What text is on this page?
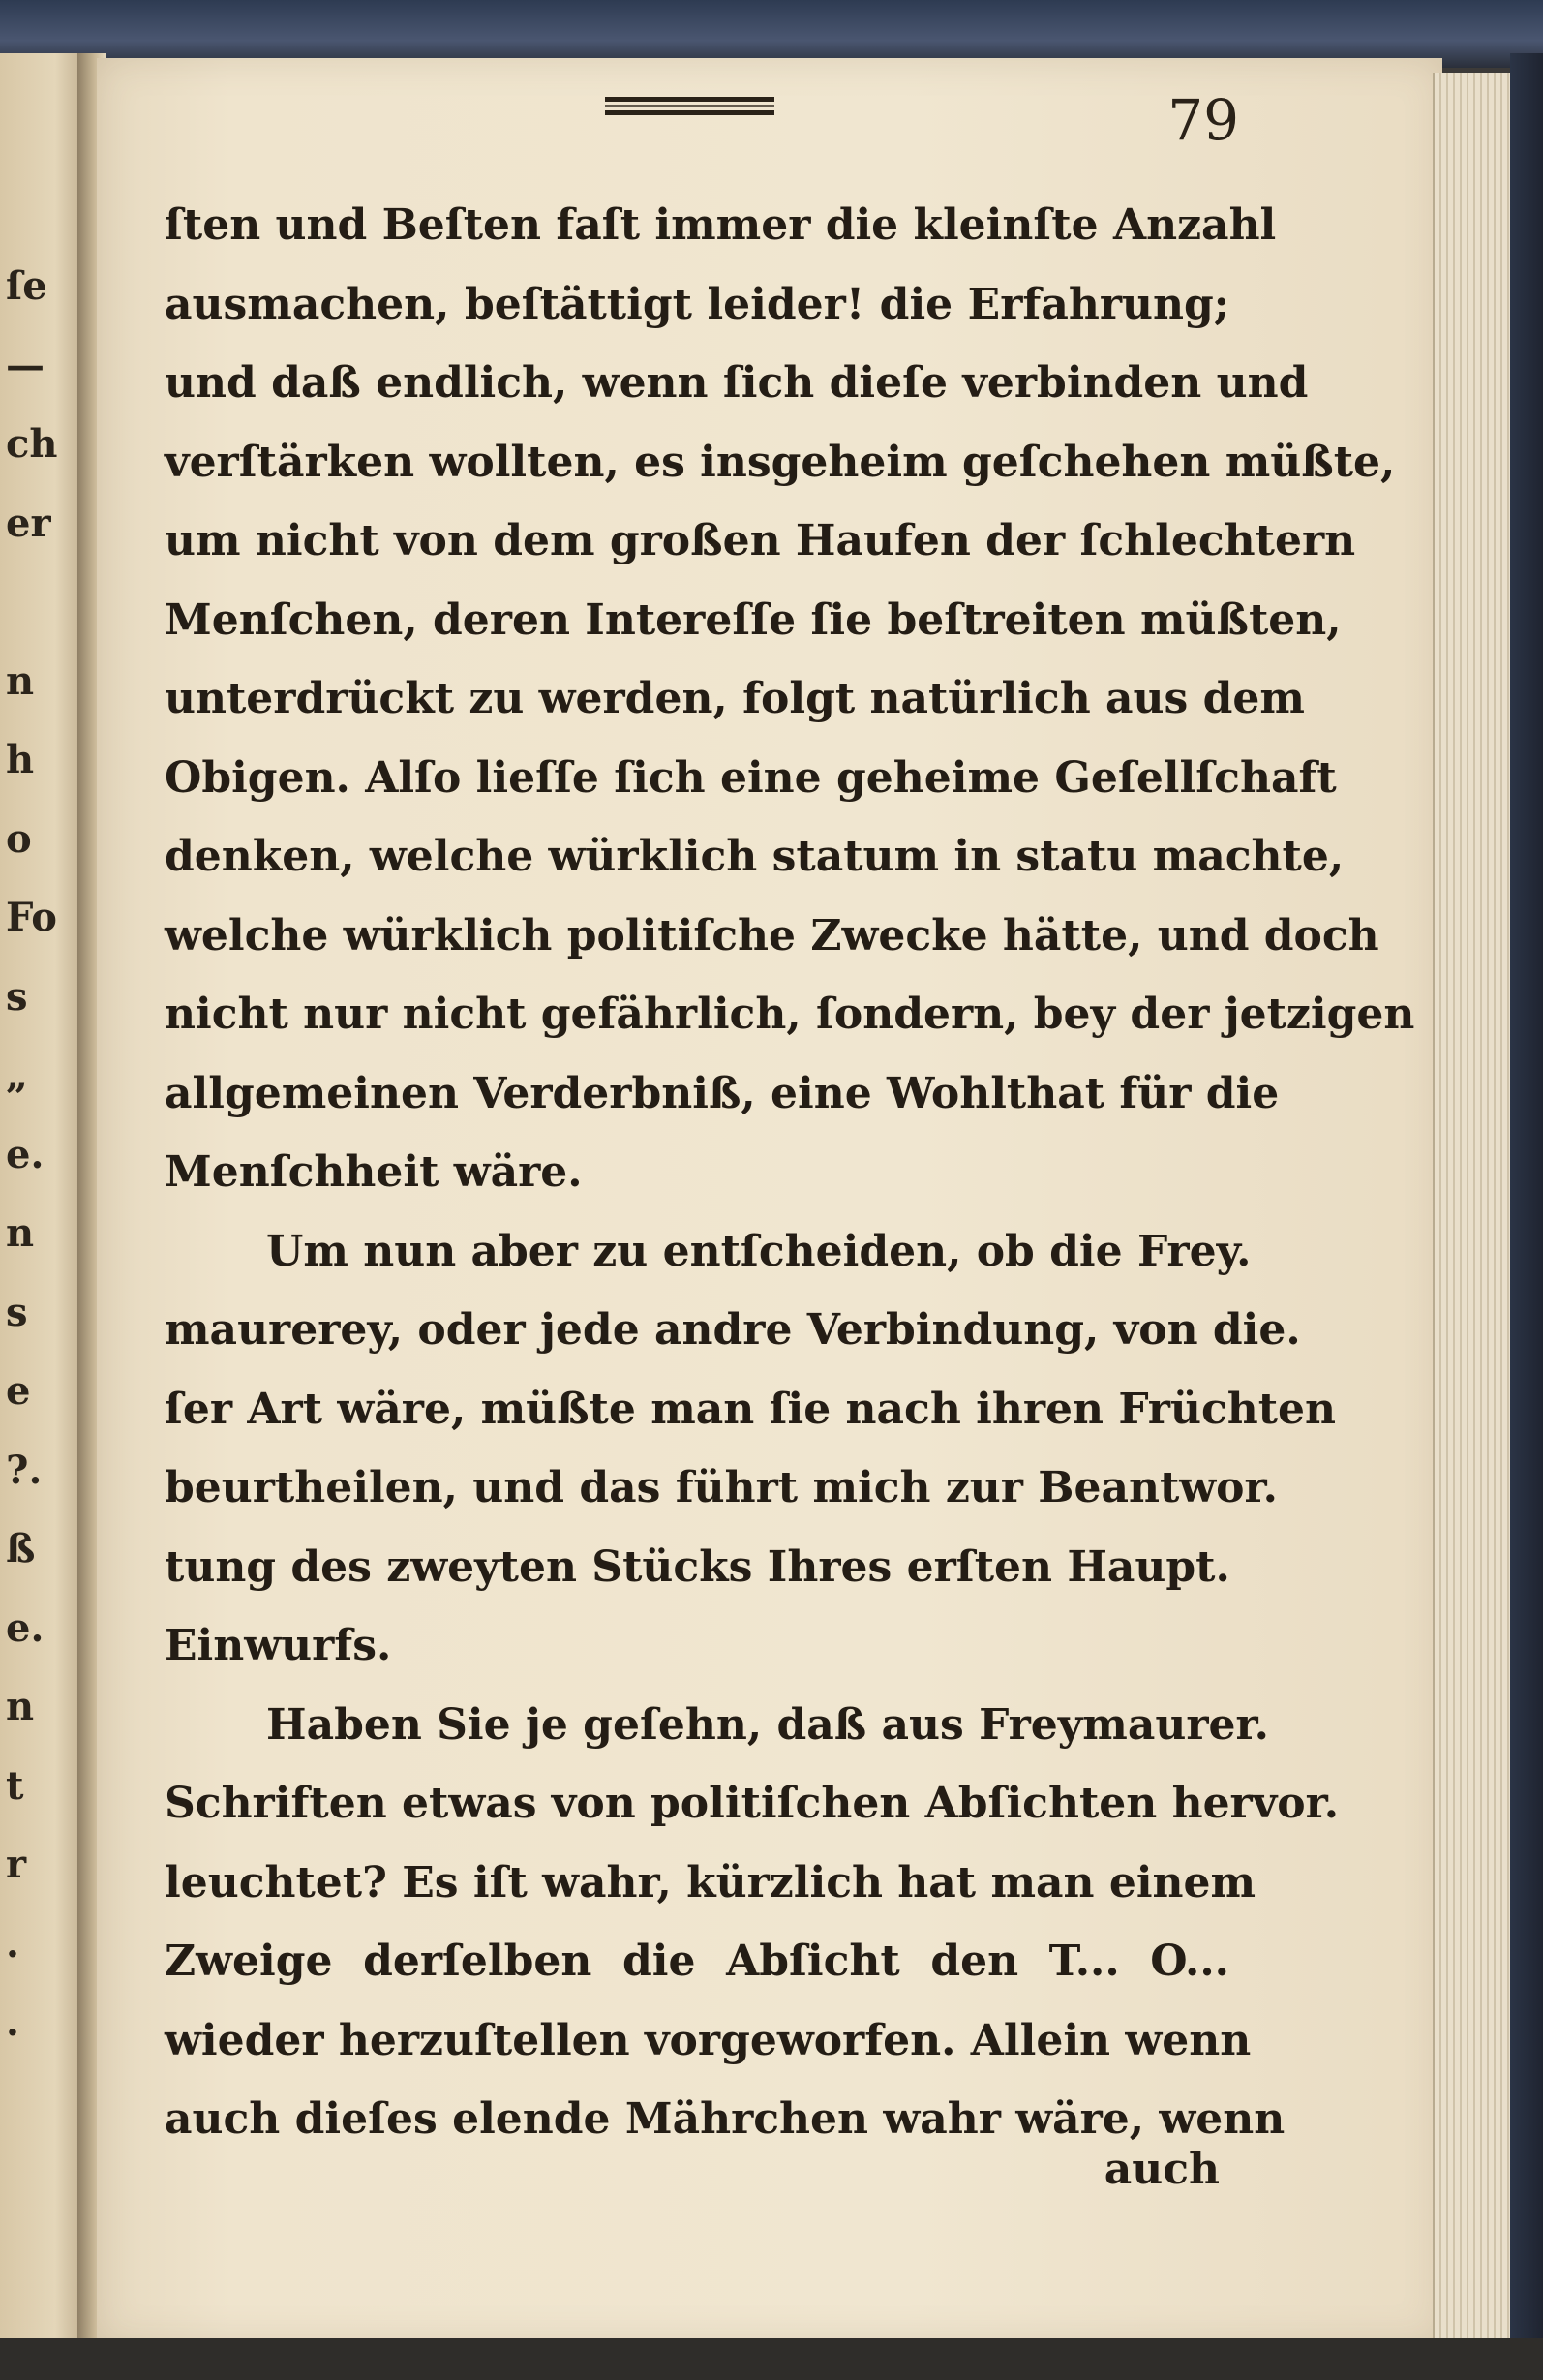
ſe
—
ch
er
n
h
o
Fo
s
„
e.
n
s
e
?.
ß
e.
n
t
r
.
.
79
ſten und Beſten faſt immer die kleinſte Anzahl
ausmachen, beſtättigt leider! die Erfahrung;
und daß endlich, wenn ſich dieſe verbinden und
verſtärken wollten, es insgeheim geſchehen müßte,
um nicht von dem großen Haufen der ſchlechtern
Menſchen, deren Intereſſe ſie beſtreiten müßten,
unterdrückt zu werden, folgt natürlich aus dem
Obigen. Alſo lieſſe ſich eine geheime Geſellſchaft
denken, welche würklich statum in statu machte,
welche würklich politiſche Zwecke hätte, und doch
nicht nur nicht gefährlich, ſondern, bey der jetzigen
allgemeinen Verderbniß, eine Wohlthat für die
Menſchheit wäre.
Um nun aber zu entſcheiden, ob die Frey.
maurerey, oder jede andre Verbindung, von die.
ſer Art wäre, müßte man ſie nach ihren Früchten
beurtheilen, und das führt mich zur Beantwor.
tung des zweyten Stücks Ihres erſten Haupt.
Einwurfs.
Haben Sie je geſehn, daß aus Freymaurer.
Schriften etwas von politiſchen Abſichten hervor.
leuchtet? Es iſt wahr, kürzlich hat man einem
Zweige derſelben die Abſicht den T... O...
wieder herzuſtellen vorgeworfen. Allein wenn
auch dieſes elende Mährchen wahr wäre, wenn
auch
